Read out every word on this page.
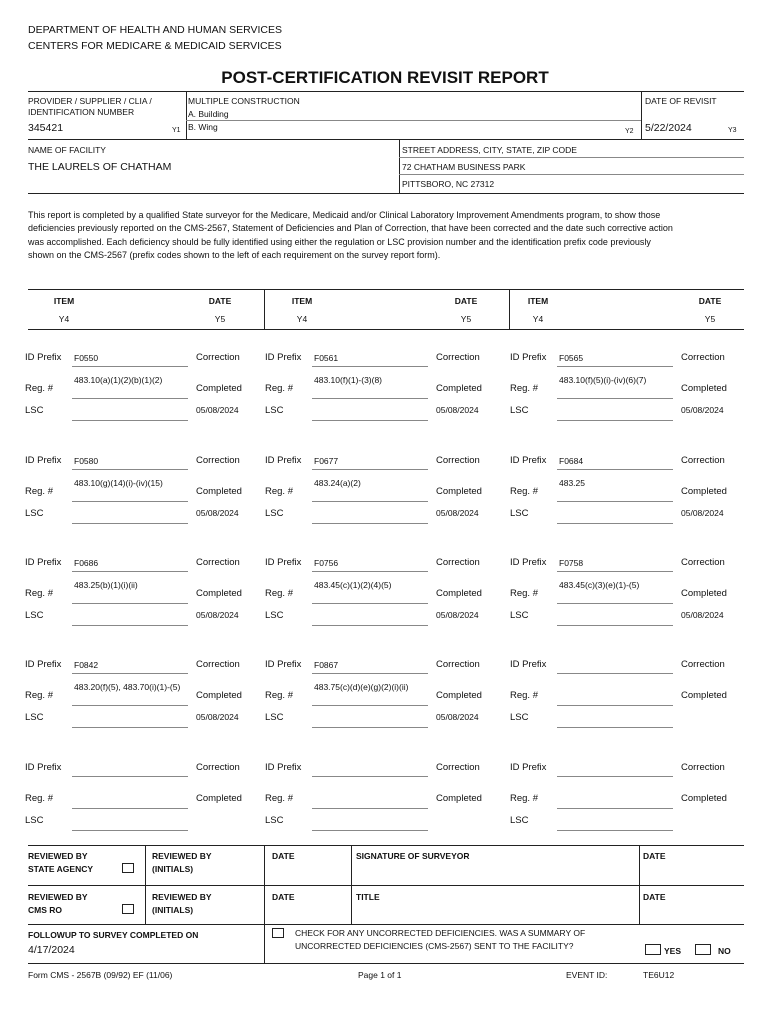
DEPARTMENT OF HEALTH AND HUMAN SERVICES
CENTERS FOR MEDICARE & MEDICAID SERVICES
POST-CERTIFICATION REVISIT REPORT
PROVIDER / SUPPLIER / CLIA /
IDENTIFICATION NUMBER
345421	Y1
MULTIPLE CONSTRUCTION
A. Building
B. Wing	Y2
DATE OF REVISIT
5/22/2024	Y3
NAME OF FACILITY
THE LAURELS OF CHATHAM
STREET ADDRESS, CITY, STATE, ZIP CODE
72 CHATHAM BUSINESS PARK
PITTSBORO, NC 27312
This report is completed by a qualified State surveyor for the Medicare, Medicaid and/or Clinical Laboratory Improvement Amendments program, to show those deficiencies previously reported on the CMS-2567, Statement of Deficiencies and Plan of Correction, that have been corrected and the date such corrective action was accomplished. Each deficiency should be fully identified using either the regulation or LSC provision number and the identification prefix code previously shown on the CMS-2567 (prefix codes shown to the left of each requirement on the survey report form).
ITEM	DATE
Y4	Y5
ITEM	DATE
Y4	Y5
ITEM	DATE
Y4	Y5
ID Prefix F0550	Correction
Reg. #
483.10(a)(1)(2)(b)(1)(2)
Completed
LSC	05/08/2024
ID Prefix F0561	Correction
Reg. #
483.10(f)(1)-(3)(8)
Completed
LSC	05/08/2024
ID Prefix F0565	Correction
Reg. #
483.10(f)(5)(i)-(iv)(6)(7)
Completed
LSC	05/08/2024
ID Prefix F0580	Correction
Reg. #
483.10(g)(14)(i)-(iv)(15)
Completed
LSC	05/08/2024
ID Prefix F0677	Correction
Reg. #
483.24(a)(2)
Completed
LSC	05/08/2024
ID Prefix F0684	Correction
Reg. #
483.25
Completed
LSC	05/08/2024
ID Prefix F0686	Correction
Reg. #
483.25(b)(1)(i)(ii)
Completed
LSC	05/08/2024
ID Prefix F0756	Correction
Reg. #
483.45(c)(1)(2)(4)(5)
Completed
LSC	05/08/2024
ID Prefix F0758	Correction
Reg. #
483.45(c)(3)(e)(1)-(5)
Completed
LSC	05/08/2024
ID Prefix F0842	Correction
Reg. #
483.20(f)(5), 483.70(i)(1)-(5)
Completed
LSC	05/08/2024
ID Prefix F0867	Correction
Reg. #
483.75(c)(d)(e)(g)(2)(i)(ii)
Completed
LSC	05/08/2024
ID Prefix	Correction
Reg. #	Completed
LSC
ID Prefix	Correction
Reg. #	Completed
LSC
ID Prefix	Correction
Reg. #	Completed
LSC
ID Prefix	Correction
Reg. #	Completed
LSC
REVIEWED BY
STATE AGENCY
REVIEWED BY
(INITIALS)
DATE	SIGNATURE OF SURVEYOR	DATE
REVIEWED BY
CMS RO
REVIEWED BY
(INITIALS)
DATE	TITLE	DATE
FOLLOWUP TO SURVEY COMPLETED ON
4/17/2024
CHECK FOR ANY UNCORRECTED DEFICIENCIES. WAS A SUMMARY OF
UNCORRECTED DEFICIENCIES (CMS-2567) SENT TO THE FACILITY?	YES	NO
Form CMS - 2567B (09/92) EF (11/06)	Page 1 of 1	EVENT ID:	TE6U12
